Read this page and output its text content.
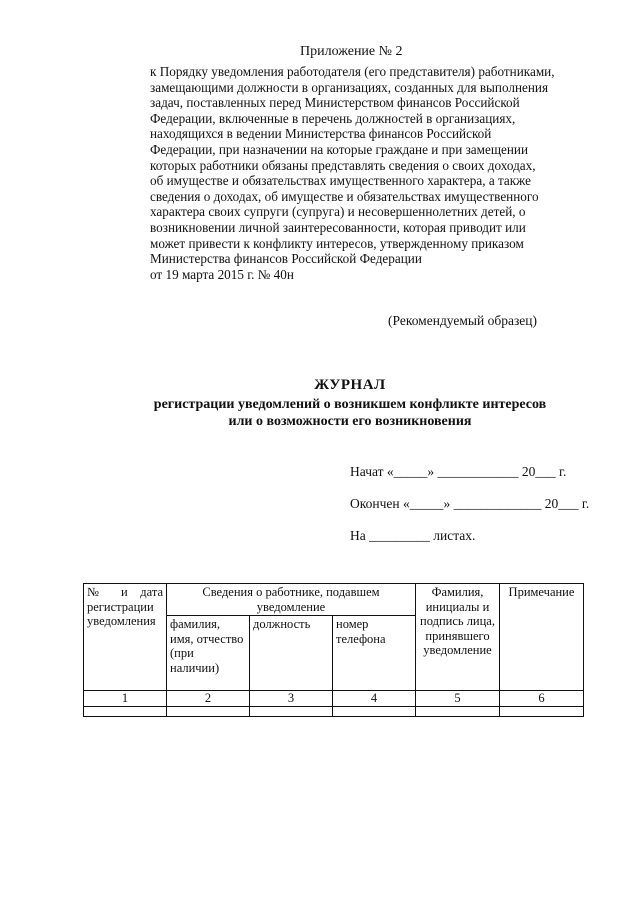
Приложение № 2
к Порядку уведомления работодателя (его представителя) работниками,
замещающими должности в организациях, созданных для выполнения
задач, поставленных перед Министерством финансов Российской
Федерации, включенные в перечень должностей в организациях,
находящихся в ведении Министерства финансов Российской
Федерации, при назначении на которые граждане и при замещении
которых работники обязаны представлять сведения о своих доходах,
об имуществе и обязательствах имущественного характера, а также
сведения о доходах, об имуществе и обязательствах имущественного
характера своих супруги (супруга) и несовершеннолетних детей, о
возникновении личной заинтересованности, которая приводит или
может привести к конфликту интересов, утвержденному приказом
Министерства финансов Российской Федерации
от 19 марта 2015 г. № 40н
(Рекомендуемый образец)
ЖУРНАЛ
регистрации уведомлений о возникшем конфликте интересов
или о возможности его возникновения
Начат «_____» ____________ 20___ г.
Окончен «_____» _____________ 20___ г.
На _________ листах.
№ и дата регистрации уведомления	Сведения о работнике, подавшем уведомление			Фамилия, инициалы и подпись лица, принявшего уведомление	Примечание
	фамилия, имя, отчество (при наличии)	должность	номер телефона		
1	2	3	4	5	6
